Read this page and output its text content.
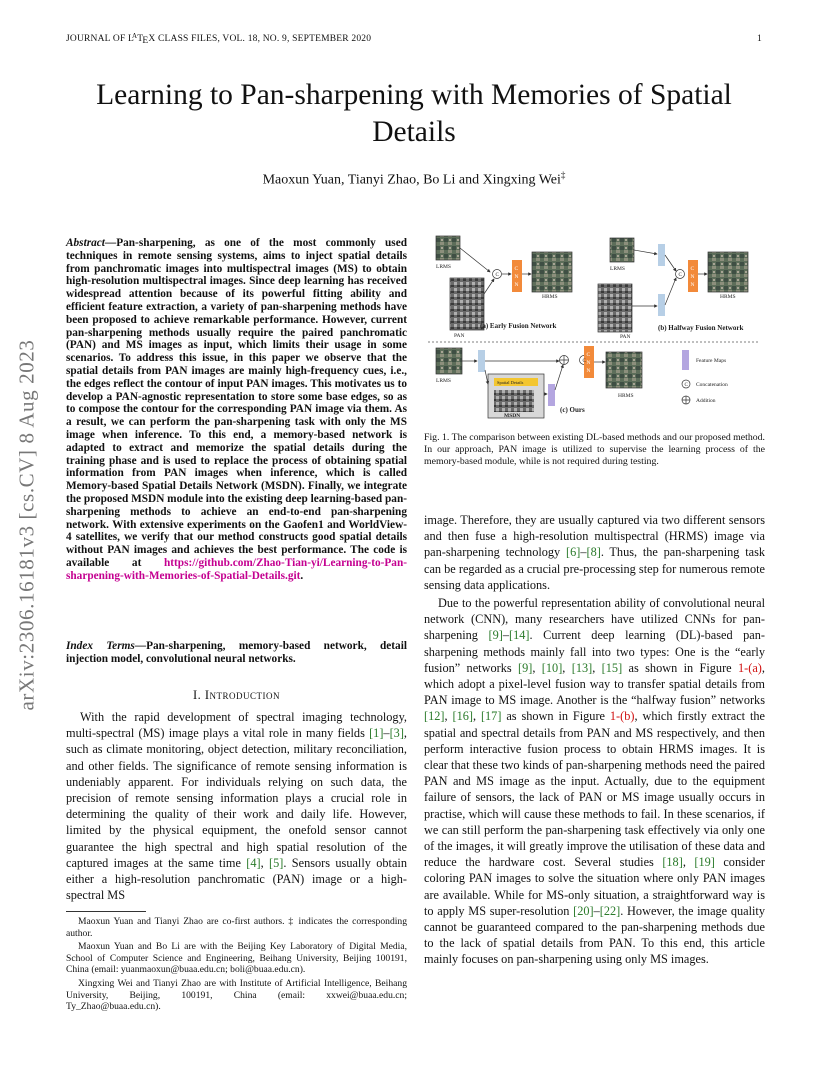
JOURNAL OF $L^ATEX$ CLASS FILES, VOL. 18, NO. 9, SEPTEMBER 2020	1
arXiv:2306.16181v3 [cs.CV] 8 Aug 2023
Learning to Pan-sharpening with Memories of Spatial Details
Maoxun Yuan, Tianyi Zhao, Bo Li and Xingxing Wei‡
Abstract—Pan-sharpening, as one of the most commonly used techniques in remote sensing systems, aims to inject spatial details from panchromatic images into multispectral images (MS) to obtain high-resolution multispectral images. Since deep learning has received widespread attention because of its powerful fitting ability and efficient feature extraction, a variety of pan-sharpening methods have been proposed to achieve remarkable performance. However, current pan-sharpening methods usually require the paired panchromatic (PAN) and MS images as input, which limits their usage in some scenarios. To address this issue, in this paper we observe that the spatial details from PAN images are mainly high-frequency cues, i.e., the edges reflect the contour of input PAN images. This motivates us to develop a PAN-agnostic representation to store some base edges, so as to compose the contour for the corresponding PAN image via them. As a result, we can perform the pan-sharpening task with only the MS image when inference. To this end, a memory-based network is adapted to extract and memorize the spatial details during the training phase and is used to replace the process of obtaining spatial information from PAN images when inference, which is called Memory-based Spatial Details Network (MSDN). Finally, we integrate the proposed MSDN module into the existing deep learning-based pan-sharpening methods to achieve an end-to-end pan-sharpening network. With extensive experiments on the Gaofen1 and WorldView-4 satellites, we verify that our method constructs good spatial details without PAN images and achieves the best performance. The code is available at https://github.com/Zhao-Tian-yi/Learning-to-Pan-sharpening-with-Memories-of-Spatial-Details.git.
Index Terms—Pan-sharpening, memory-based network, detail injection model, convolutional neural networks.
I. Introduction
With the rapid development of spectral imaging technology, multi-spectral (MS) image plays a vital role in many fields [1]–[3], such as climate monitoring, object detection, military reconciliation, and other fields. The significance of remote sensing information is undeniably apparent. For individuals relying on such data, the precision of remote sensing information plays a crucial role in determining the quality of their work and daily life. However, limited by the physical equipment, the onefold sensor cannot guarantee the high spectral and high spatial resolution of the captured images at the same time [4], [5]. Sensors usually obtain either a high-resolution panchromatic (PAN) image or a high-spectral MS

Maoxun Yuan and Tianyi Zhao are co-first authors. ‡ indicates the corresponding author.

Maoxun Yuan and Bo Li are with the Beijing Key Laboratory of Digital Media, School of Computer Science and Engineering, Beihang University, Beijing 100191, China (email: yuanmaoxun@buaa.edu.cn; boli@buaa.edu.cn).

Xingxing Wei and Tianyi Zhao are with Institute of Artificial Intelligence, Beihang University, Beijing, 100191, China (email: xxwei@buaa.edu.cn; Ty_Zhao@buaa.edu.cn).

LRMS
PAN
C
C
N
N
HRMS
(a) Early Fusion Network
LRMS
PAN
C
C
N
N
HRMS
(b) Halfway Fusion Network
LRMS	Spatial Details
MSDN
C
C
N
N
HRMS
(c) Ours
Feature Maps
C Concatenation
Addition
Fig. 1. The comparison between existing DL-based methods and our proposed method. In our approach, PAN image is utilized to supervise the learning process of the memory-based module, while is not required during testing.
image. Therefore, they are usually captured via two different sensors and then fuse a high-resolution multispectral (HRMS) image via pan-sharpening technology [6]–[8]. Thus, the pan-sharpening task can be regarded as a crucial pre-processing step for numerous remote sensing data applications.
Due to the powerful representation ability of convolutional neural network (CNN), many researchers have utilized CNNs for pan-sharpening [9]–[14]. Current deep learning (DL)-based pan-sharpening methods mainly fall into two types: One is the “early fusion” networks [9], [10], [13], [15] as shown in Figure 1-(a), which adopt a pixel-level fusion way to transfer spatial details from PAN image to MS image. Another is the “halfway fusion” networks [12], [16], [17] as shown in Figure 1-(b), which firstly extract the spatial and spectral details from PAN and MS respectively, and then perform interactive fusion process to obtain HRMS images. It is clear that these two kinds of pan-sharpening methods need the paired PAN and MS image as the input. Actually, due to the equipment failure of sensors, the lack of PAN or MS image usually occurs in practise, which will cause these methods to fail. In these scenarios, if we can still perform the pan-sharpening task effectively via only one of the images, it will greatly improve the utilisation of these data and reduce the hardware cost. Several studies [18], [19] consider coloring PAN images to solve the situation where only PAN images are available. While for MS-only situation, a straightforward way is to apply MS super-resolution [20]–[22]. However, the image quality cannot be guaranteed compared to the pan-sharpening methods due to the lack of spatial details from PAN. To this end, this article mainly focuses on pan-sharpening using only MS images.
